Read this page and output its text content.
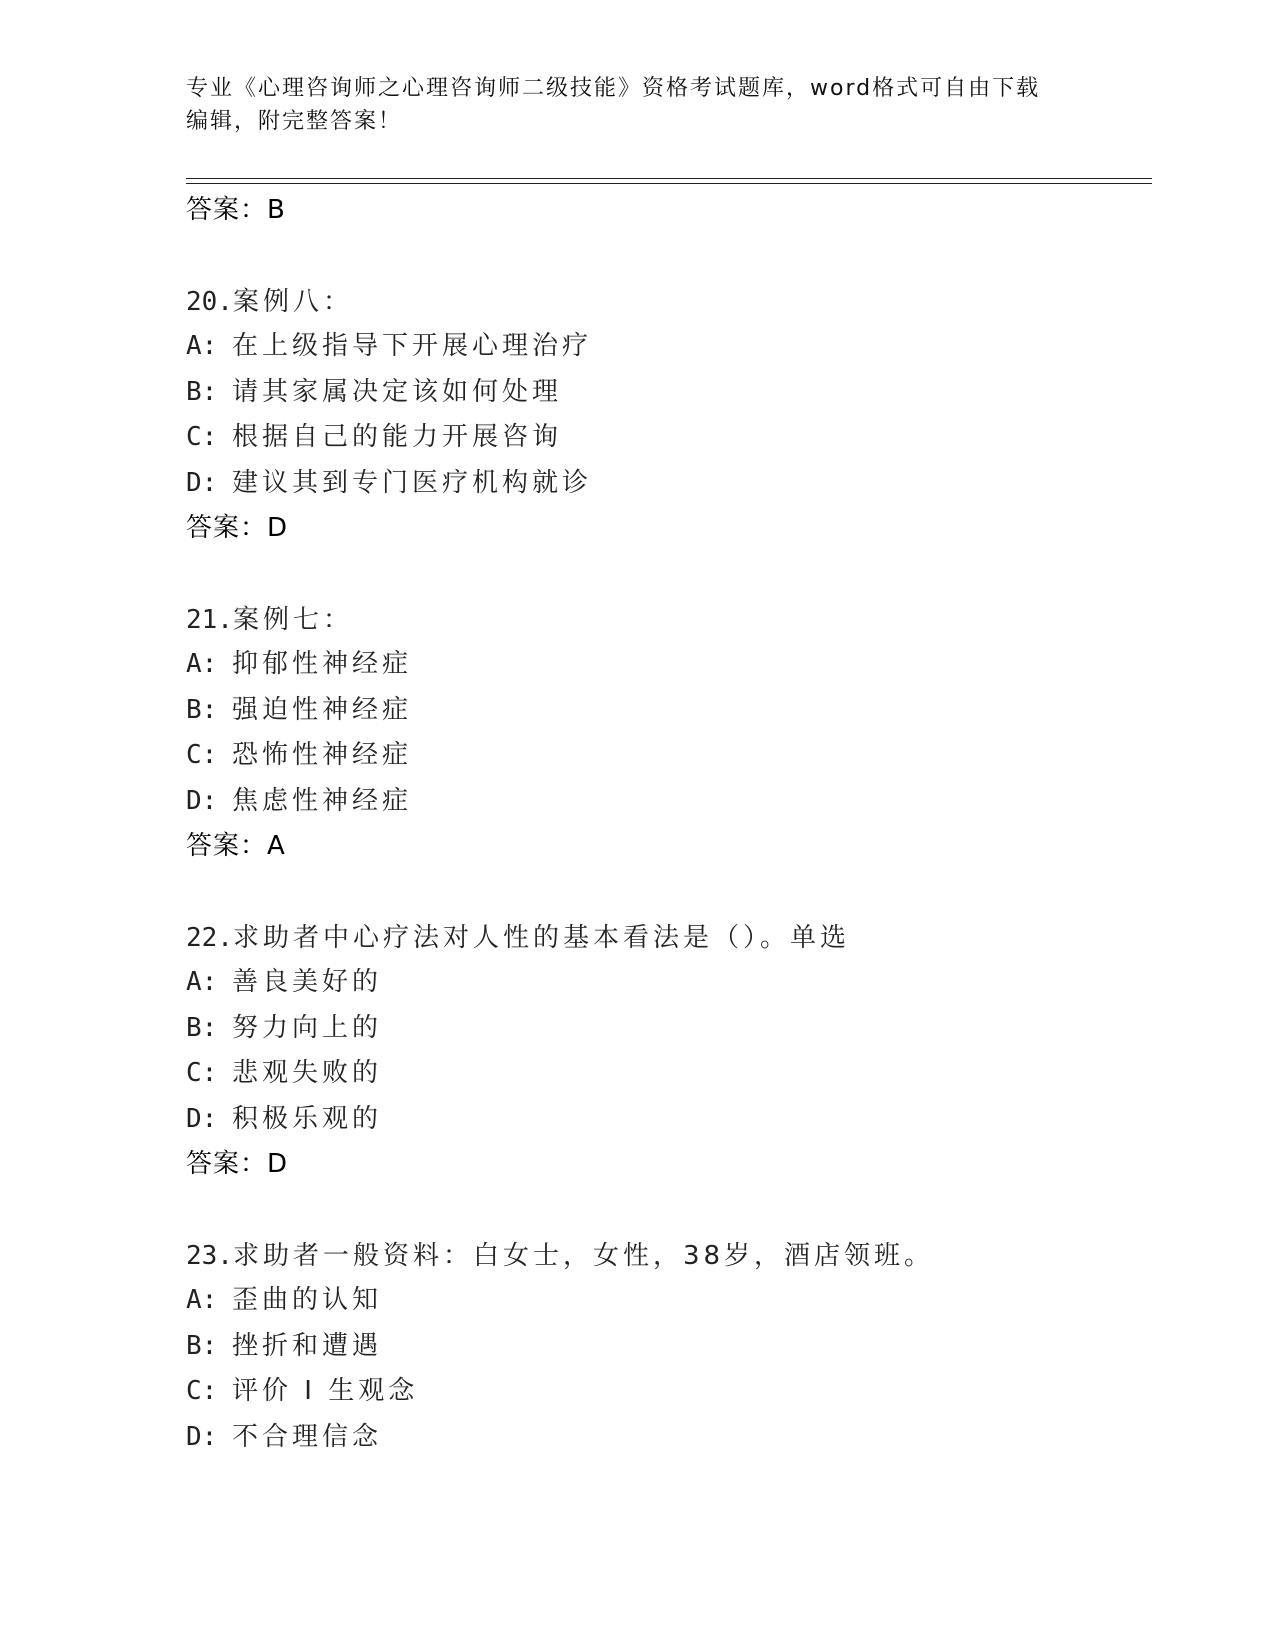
专业《心理咨询师之心理咨询师二级技能》资格考试题库，word格式可自由下载
编辑，附完整答案！
答案：B
20.案例八：
A: 在上级指导下开展心理治疗
B: 请其家属决定该如何处理
C: 根据自己的能力开展咨询
D: 建议其到专门医疗机构就诊
答案：D
21.案例七：
A: 抑郁性神经症
B: 强迫性神经症
C: 恐怖性神经症
D: 焦虑性神经症
答案：A
22.求助者中心疗法对人性的基本看法是（）。单选
A: 善良美好的
B: 努力向上的
C: 悲观失败的
D: 积极乐观的
答案：D
23.求助者一般资料：白女士，女性，38岁，酒店领班。
A: 歪曲的认知
B: 挫折和遭遇
C: 评价 I 生观念
D: 不合理信念
